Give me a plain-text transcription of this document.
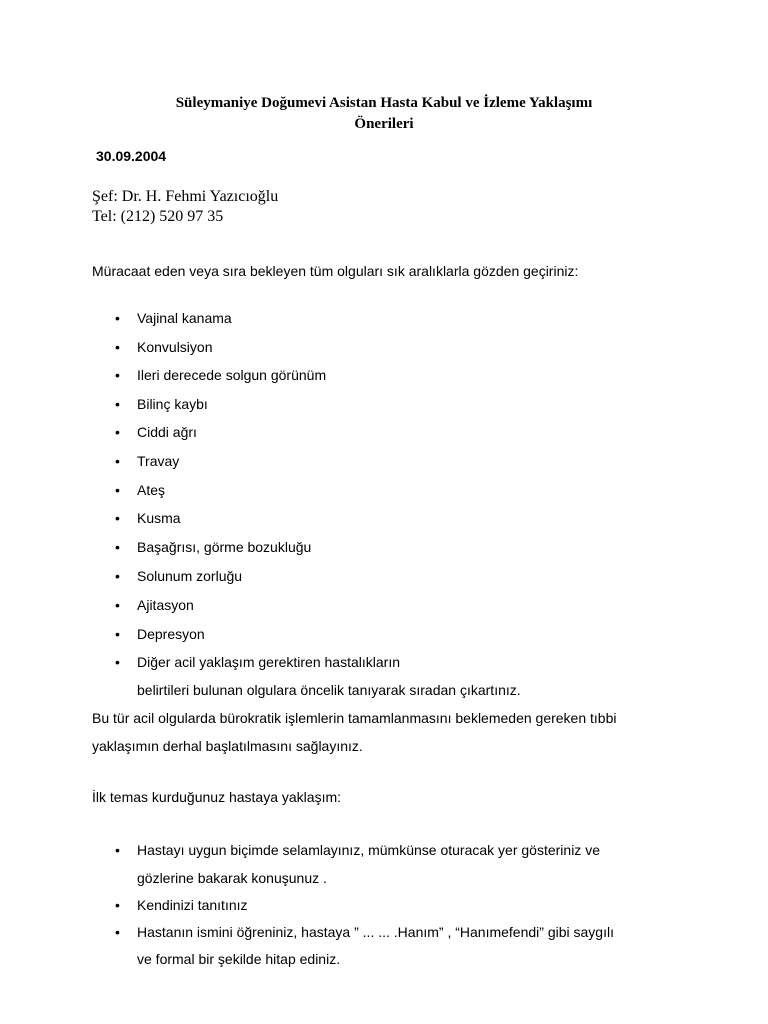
Süleymaniye Doğumevi Asistan Hasta Kabul ve İzleme Yaklaşımı
Önerileri
30.09.2004
Şef: Dr. H. Fehmi Yazıcıoğlu
Tel: (212) 520 97 35
Müracaat eden veya sıra bekleyen tüm olguları sık aralıklarla gözden geçiriniz:
• Vajinal kanama
• Konvulsiyon
• Ileri derecede solgun görünüm
• Bilinç kaybı
• Ciddi ağrı
• Travay
• Ateş
• Kusma
• Başağrısı, görme bozukluğu
• Solunum zorluğu
• Ajitasyon
• Depresyon
• Diğer acil yaklaşım gerektiren hastalıkların
belirtileri bulunan olgulara öncelik tanıyarak sıradan çıkartınız.
Bu tür acil olgularda bürokratik işlemlerin tamamlanmasını beklemeden gereken tıbbi
yaklaşımın derhal başlatılmasını sağlayınız.
İlk temas kurduğunuz hastaya yaklaşım:
• Hastayı uygun biçimde selamlayınız, mümkünse oturacak yer gösteriniz ve
gözlerine bakarak konuşunuz .
• Kendinizi tanıtınız
• Hastanın ismini öğreniniz, hastaya ” ... ... .Hanım” , “Hanımefendi” gibi saygılı
ve formal bir şekilde hitap ediniz.
